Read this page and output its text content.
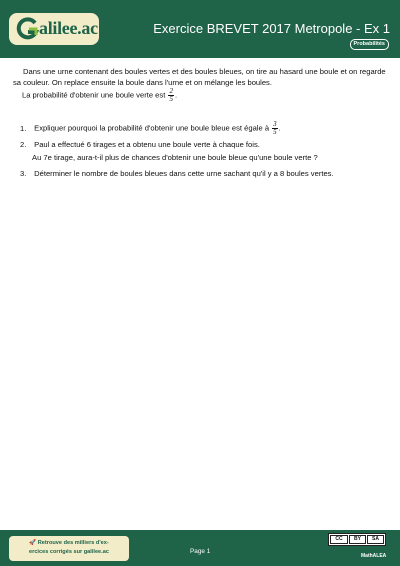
alilee.ac	Exercice BREVET 2017 Metropole - Ex 1
Probabilités
Dans une urne contenant des boules vertes et des boules bleues, on tire au hasard une boule et on regarde sa couleur. On replace ensuite la boule dans l'urne et on mélange les boules.
La probabilité d'obtenir une boule verte est $\frac{2}{5}$ .
1. Expliquer pourquoi la probabilité d'obtenir une boule bleue est égale à $\frac{3}{5}$ .
2. Paul a effectué 6 tirages et a obtenu une boule verte à chaque fois.
Au 7e tirage, aura-t-il plus de chances d'obtenir une boule bleue qu'une boule verte ?
3. Déterminer le nombre de boules bleues dans cette urne sachant qu'il y a 8 boules vertes.
🚀 Retrouve des milliers d'ex-
ercices corrigés sur galilee.ac	Page 1
CC	BY	SA
MathALEA
